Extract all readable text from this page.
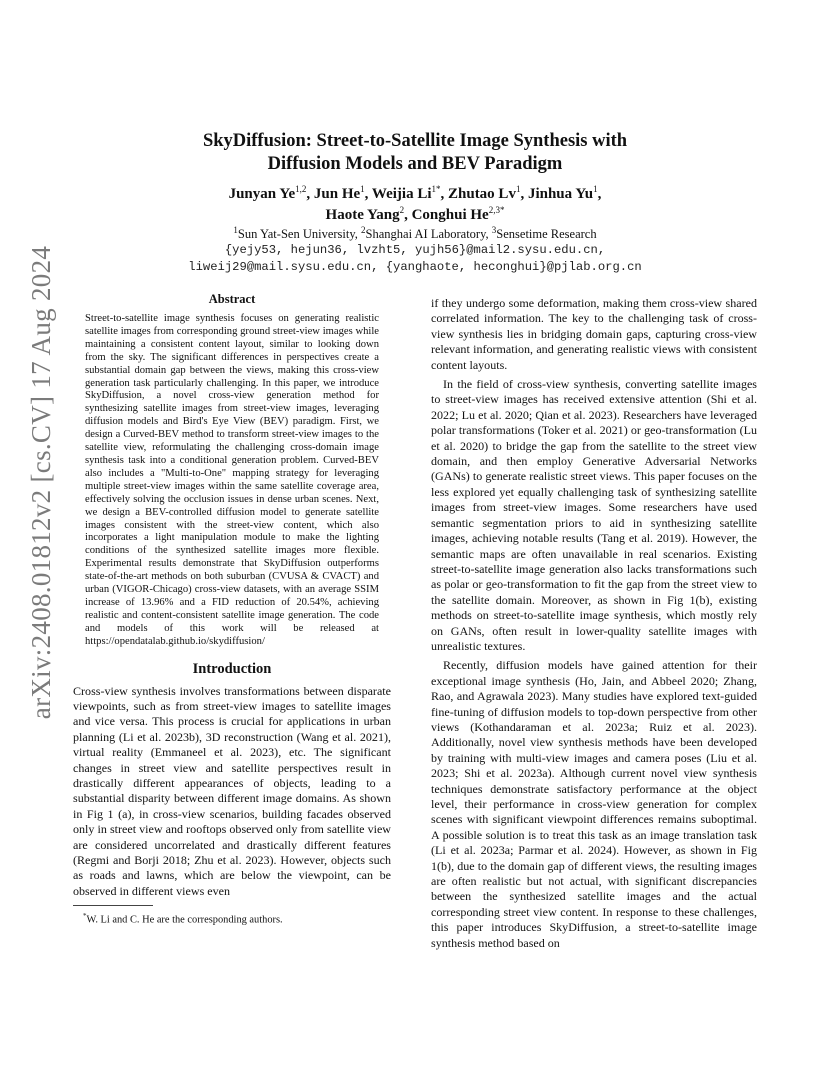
arXiv:2408.01812v2 [cs.CV] 17 Aug 2024
SkyDiffusion: Street-to-Satellite Image Synthesis with
Diffusion Models and BEV Paradigm
Junyan Ye$^{1,2}$, Jun He$^1$, Weijia $Li^{1*}$, Zhutao Lv$^1$, Jinhua Yu$^1$,
Haote Yang$^2$, Conghui $He^{2,3*}$
$^1$Sun Yat-Sen University, $^2$Shanghai AI Laboratory, $^3$Sensetime Research
{yejy53, hejun36, lvzht5, yujh56}@mail2.sysu.edu.cn,
liweij29@mail.sysu.edu.cn, {yanghaote, heconghui}@pjlab.org.cn
Abstract

Street-to-satellite image synthesis focuses on generating realistic satellite images from corresponding ground street-view images while maintaining a consistent content layout, similar to looking down from the sky. The significant differences in perspectives create a substantial domain gap between the views, making this cross-view generation task particularly challenging. In this paper, we introduce SkyDiffusion, a novel cross-view generation method for synthesizing satellite images from street-view images, leveraging diffusion models and Bird's Eye View (BEV) paradigm. First, we design a Curved-BEV method to transform street-view images to the satellite view, reformulating the challenging cross-domain image synthesis task into a conditional generation problem. Curved-BEV also includes a "Multi-to-One" mapping strategy for leveraging multiple street-view images within the same satellite coverage area, effectively solving the occlusion issues in dense urban scenes. Next, we design a BEV-controlled diffusion model to generate satellite images consistent with the street-view content, which also incorporates a light manipulation module to make the lighting conditions of the synthesized satellite images more flexible. Experimental results demonstrate that SkyDiffusion outperforms state-of-the-art methods on both suburban (CVUSA & CVACT) and urban (VIGOR-Chicago) cross-view datasets, with an average SSIM increase of 13.96% and a FID reduction of 20.54%, achieving realistic and content-consistent satellite image generation. The code and models of this work will be released at https://opendatalab.github.io/skydiffusion/

Introduction

Cross-view synthesis involves transformations between disparate viewpoints, such as from street-view images to satellite images and vice versa. This process is crucial for applications in urban planning (Li et al. 2023b), 3D reconstruction (Wang et al. 2021), virtual reality (Emmaneel et al. 2023), etc. The significant changes in street view and satellite perspectives result in drastically different appearances of objects, leading to a substantial disparity between different image domains. As shown in Fig 1 (a), in cross-view scenarios, building facades observed only in street view and rooftops observed only from satellite view are considered uncorrelated and drastically different features (Regmi and Borji 2018; Zhu et al. 2023). However, objects such as roads and lawns, which are below the viewpoint, can be observed in different views even

*W. Li and C. He are the corresponding authors.

if they undergo some deformation, making them cross-view shared correlated information. The key to the challenging task of cross-view synthesis lies in bridging domain gaps, capturing cross-view relevant information, and generating realistic views with consistent content layouts.

In the field of cross-view synthesis, converting satellite images to street-view images has received extensive attention (Shi et al. 2022; Lu et al. 2020; Qian et al. 2023). Researchers have leveraged polar transformations (Toker et al. 2021) or geo-transformation (Lu et al. 2020) to bridge the gap from the satellite to the street view domain, and then employ Generative Adversarial Networks (GANs) to generate realistic street views. This paper focuses on the less explored yet equally challenging task of synthesizing satellite images from street-view images. Some researchers have used semantic segmentation priors to aid in synthesizing satellite images, achieving notable results (Tang et al. 2019). However, the semantic maps are often unavailable in real scenarios. Existing street-to-satellite image generation also lacks transformations such as polar or geo-transformation to fit the gap from the street view to the satellite domain. Moreover, as shown in Fig 1(b), existing methods on street-to-satellite image synthesis, which mostly rely on GANs, often result in lower-quality satellite images with unrealistic textures.

Recently, diffusion models have gained attention for their exceptional image synthesis (Ho, Jain, and Abbeel 2020; Zhang, Rao, and Agrawala 2023). Many studies have explored text-guided fine-tuning of diffusion models to top-down perspective from other views (Kothandaraman et al. 2023a; Ruiz et al. 2023). Additionally, novel view synthesis methods have been developed by training with multi-view images and camera poses (Liu et al. 2023; Shi et al. 2023a). Although current novel view synthesis techniques demonstrate satisfactory performance at the object level, their performance in cross-view generation for complex scenes with significant viewpoint differences remains suboptimal. A possible solution is to treat this task as an image translation task (Li et al. 2023a; Parmar et al. 2024). However, as shown in Fig 1(b), due to the domain gap of different views, the resulting images are often realistic but not actual, with significant discrepancies between the synthesized satellite images and the actual corresponding street view content. In response to these challenges, this paper introduces SkyDiffusion, a street-to-satellite image synthesis method based on
